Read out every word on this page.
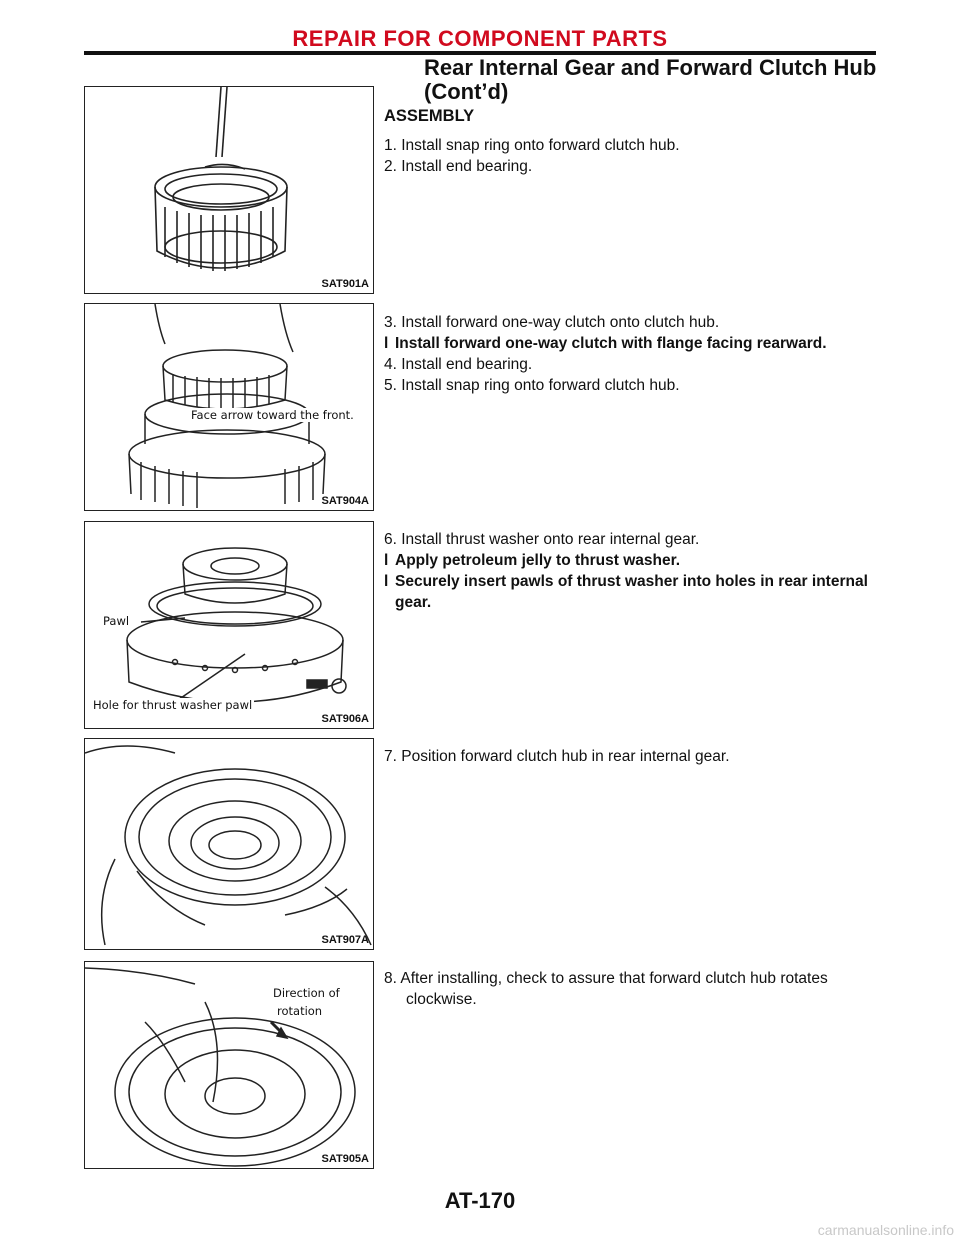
REPAIR FOR COMPONENT PARTS
Rear Internal Gear and Forward Clutch Hub
(Cont’d)
SAT901A
Face arrow toward the front.
SAT904A
Pawl
Hole for thrust washer pawl
SAT906A
SAT907A
Direction of
rotation
SAT905A

ASSEMBLY

1. Install snap ring onto forward clutch hub.

2. Install end bearing.

3. Install forward one-way clutch onto clutch hub.

l Install forward one-way clutch with flange facing rearward.

4. Install end bearing.

5. Install snap ring onto forward clutch hub.

6. Install thrust washer onto rear internal gear.

l Apply petroleum jelly to thrust washer.

l Securely insert pawls of thrust washer into holes in rear internal gear.

7. Position forward clutch hub in rear internal gear.

8. After installing, check to assure that forward clutch hub rotates clockwise.

AT-170
carmanualsonline.info
